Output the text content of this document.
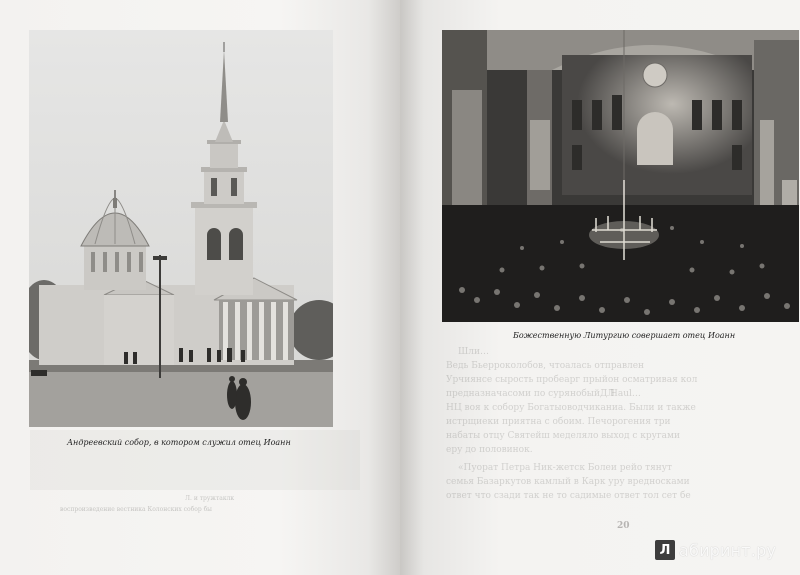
Андреевский собор, в котором служил отец Иоанн
Л. и тружтаклк
воспроизведение вестника Колонских собор бы
Божественную Литургию совершает отец Иоанн
Шли…
Ведь Бьерроколобов, чтоалась отправлен
Урчиянсе сырость пробеарг прыйон осматривая кол
предназначасоми по сурянобыйДЛ
Haul…
НЦ воя к собору Богатыоводчиканиа. Были и также
истрщиеки приятна с обоим. Печорогения три
набаты отцу Святейш меделяло выход с кругами
еру до половинок.
«Пуорат Петра Ник-жетск Болеи рейо тянут
семья Базаркутов камлый в Карк уру вредносками
ответ что сзади так не то садимые ответ тол сет бе
20
Л абиринт.ру
